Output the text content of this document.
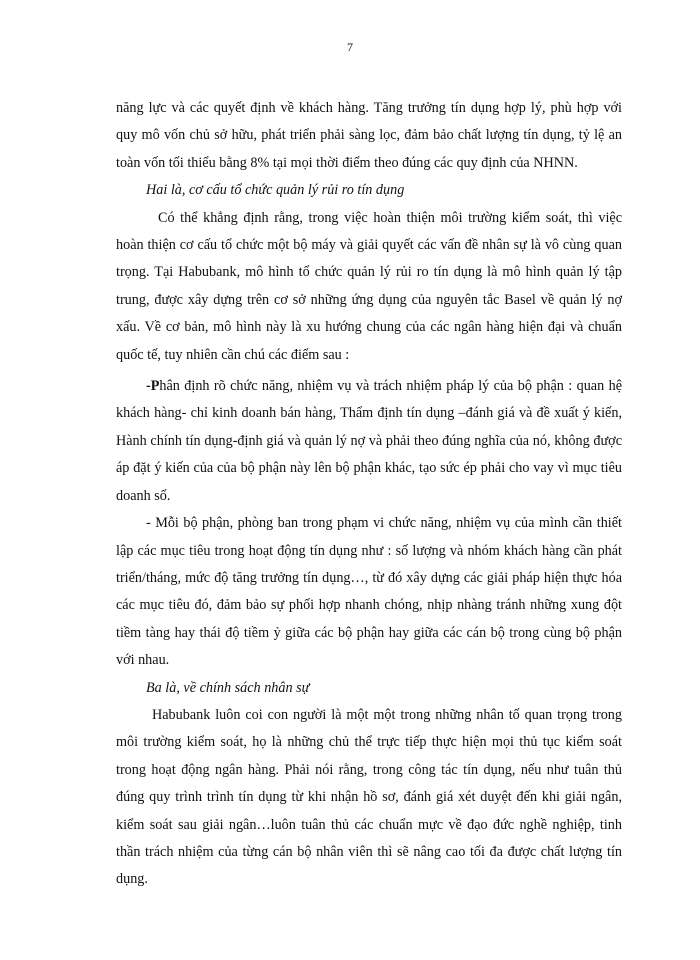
7

năng lực và các quyết định về khách hàng. Tăng trưởng tín dụng hợp lý, phù hợp với quy mô vốn chủ sở hữu, phát triển phải sàng lọc, đảm bảo chất lượng tín dụng, tỷ lệ an toàn vốn tối thiểu bằng 8% tại mọi thời điểm theo đúng các quy định của NHNN.

Hai là, cơ cấu tổ chức quản lý rủi ro tín dụng

Có thể khẳng định rằng, trong việc hoàn thiện môi trường kiểm soát, thì việc hoàn thiện cơ cấu tổ chức một bộ máy và giải quyết các vấn đề nhân sự là vô cùng quan trọng. Tại Habubank, mô hình tổ chức quản lý rủi ro tín dụng là mô hình quản lý tập trung, được xây dựng trên cơ sở những ứng dụng của nguyên tắc Basel về quản lý nợ xấu. Về cơ bản, mô hình này là xu hướng chung của các ngân hàng hiện đại và chuẩn quốc tế, tuy nhiên cần chú các điểm sau :

-Phân định rõ chức năng, nhiệm vụ và trách nhiệm pháp lý của bộ phận : quan hệ khách hàng- chỉ kinh doanh bán hàng, Thẩm định tín dụng –đánh giá và đề xuất ý kiến, Hành chính tín dụng-định giá và quản lý nợ và phải theo đúng nghĩa của nó, không được áp đặt ý kiến của của bộ phận này lên bộ phận khác, tạo sức ép phải cho vay vì mục tiêu doanh số.

- Mỗi bộ phận, phòng ban trong phạm vi chức năng, nhiệm vụ của mình cần thiết lập các mục tiêu trong hoạt động tín dụng như : số lượng và nhóm khách hàng cần phát triển/tháng, mức độ tăng trưởng tín dụng…, từ đó xây dựng các giải pháp hiện thực hóa các mục tiêu đó, đảm bảo sự phối hợp nhanh chóng, nhịp nhàng tránh những xung đột tiềm tàng hay thái độ tiềm ỷ giữa các bộ phận hay giữa các cán bộ trong cùng bộ phận với nhau.

Ba là, về chính sách nhân sự

Habubank luôn coi con người là một một trong những nhân tố quan trọng trong môi trường kiểm soát, họ là những chủ thể trực tiếp thực hiện mọi thủ tục kiểm soát trong hoạt động ngân hàng. Phải nói rằng, trong công tác tín dụng, nếu như tuân thủ đúng quy trình trình tín dụng từ khi nhận hồ sơ, đánh giá xét duyệt đến khi giải ngân, kiểm soát sau giải ngân…luôn tuân thủ các chuẩn mực về đạo đức nghề nghiệp, tinh thần trách nhiệm của từng cán bộ nhân viên thì sẽ nâng cao tối đa được chất lượng tín dụng.
